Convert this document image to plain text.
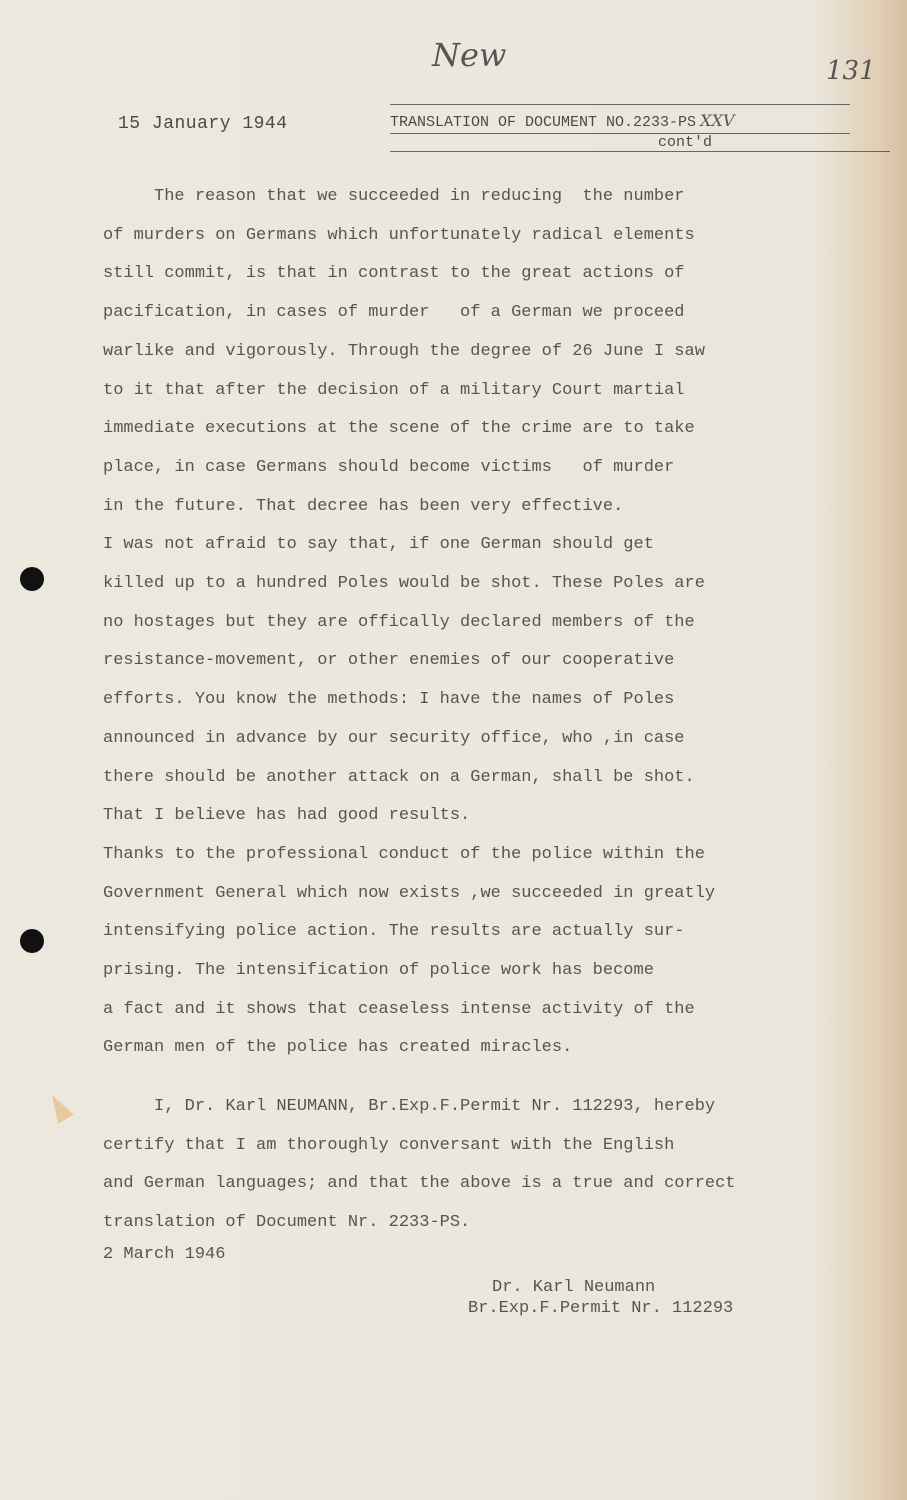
New	131
15 January 1944	TRANSLATION OF DOCUMENT NO.2233-PS XXV
cont'd
The reason that we succeeded in reducing  the number
of murders on Germans which unfortunately radical elements
still commit, is that in contrast to the great actions of
pacification, in cases of murder   of a German we proceed
warlike and vigorously. Through the degree of 26 June I saw
to it that after the decision of a military Court martial
immediate executions at the scene of the crime are to take
place, in case Germans should become victims   of murder
in the future. That decree has been very effective.
I was not afraid to say that, if one German should get
killed up to a hundred Poles would be shot. These Poles are
no hostages but they are offically declared members of the
resistance-movement, or other enemies of our cooperative
efforts. You know the methods: I have the names of Poles
announced in advance by our security office, who ,in case
there should be another attack on a German, shall be shot.
That I believe has had good results.
Thanks to the professional conduct of the police within the
Government General which now exists ,we succeeded in greatly
intensifying police action. The results are actually sur-
prising. The intensification of police work has become
a fact and it shows that ceaseless intense activity of the
German men of the police has created miracles.
I, Dr. Karl NEUMANN, Br.Exp.F.Permit Nr. 112293, hereby
certify that I am thoroughly conversant with the English
and German languages; and that the above is a true and correct
translation of Document Nr. 2233-PS.
2 March 1946
Dr. Karl Neumann
Br.Exp.F.Permit Nr. 112293
